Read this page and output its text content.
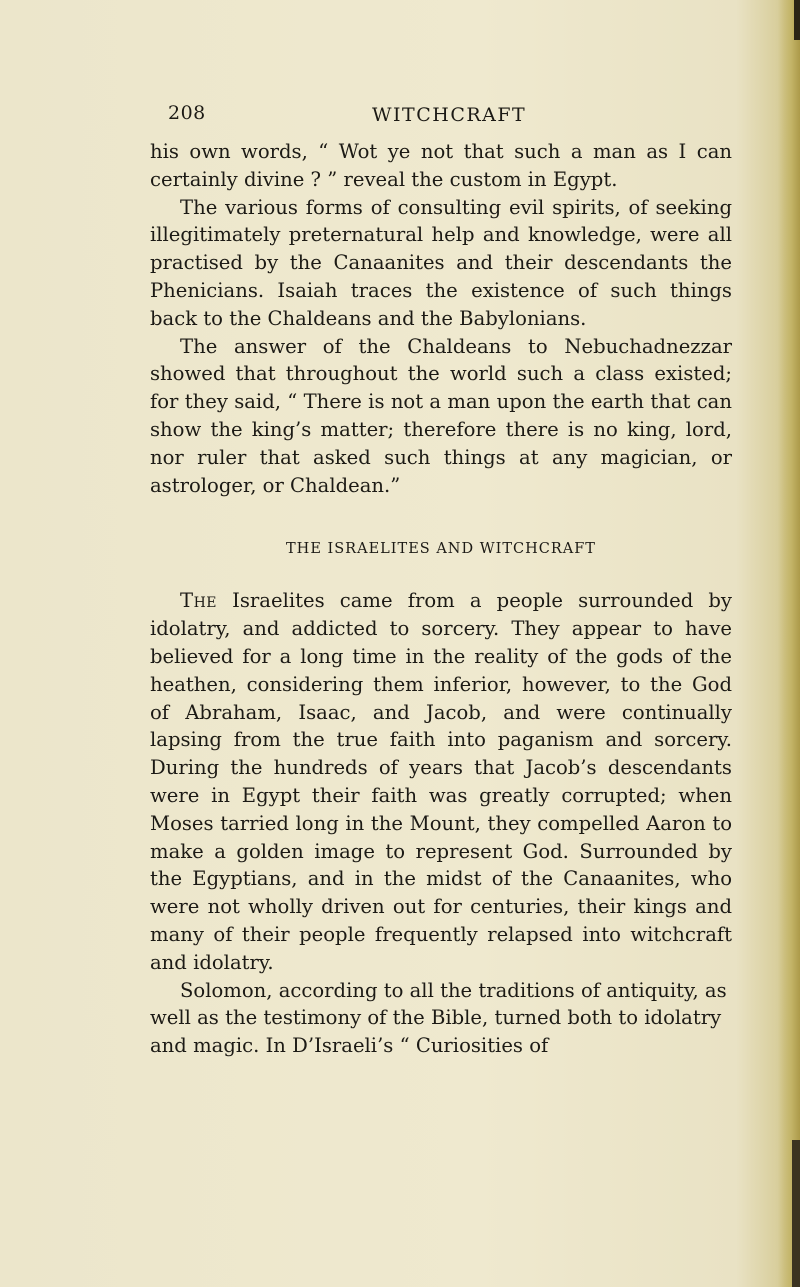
208	WITCHCRAFT

his own words, “ Wot ye not that such a man as I can certainly divine ? ” reveal the custom in Egypt.

The various forms of consulting evil spirits, of seeking illegitimately preternatural help and knowledge, were all practised by the Canaanites and their descendants the Phenicians. Isaiah traces the existence of such things back to the Chaldeans and the Babylonians.

The answer of the Chaldeans to Nebuchadnezzar showed that throughout the world such a class existed; for they said, “ There is not a man upon the earth that can show the king’s matter; therefore there is no king, lord, nor ruler that asked such things at any magician, or astrologer, or Chaldean.”

THE ISRAELITES AND WITCHCRAFT

The Israelites came from a people surrounded by idolatry, and addicted to sorcery. They appear to have believed for a long time in the reality of the gods of the heathen, considering them inferior, however, to the God of Abraham, Isaac, and Jacob, and were continually lapsing from the true faith into paganism and sorcery. During the hundreds of years that Jacob’s descendants were in Egypt their faith was greatly corrupted; when Moses tarried long in the Mount, they compelled Aaron to make a golden image to represent God. Surrounded by the Egyptians, and in the midst of the Canaanites, who were not wholly driven out for centuries, their kings and many of their people frequently relapsed into witchcraft and idolatry.

Solomon, according to all the traditions of antiquity, as well as the testimony of the Bible, turned both to idolatry and magic. In D’Israeli’s “ Curiosities of
